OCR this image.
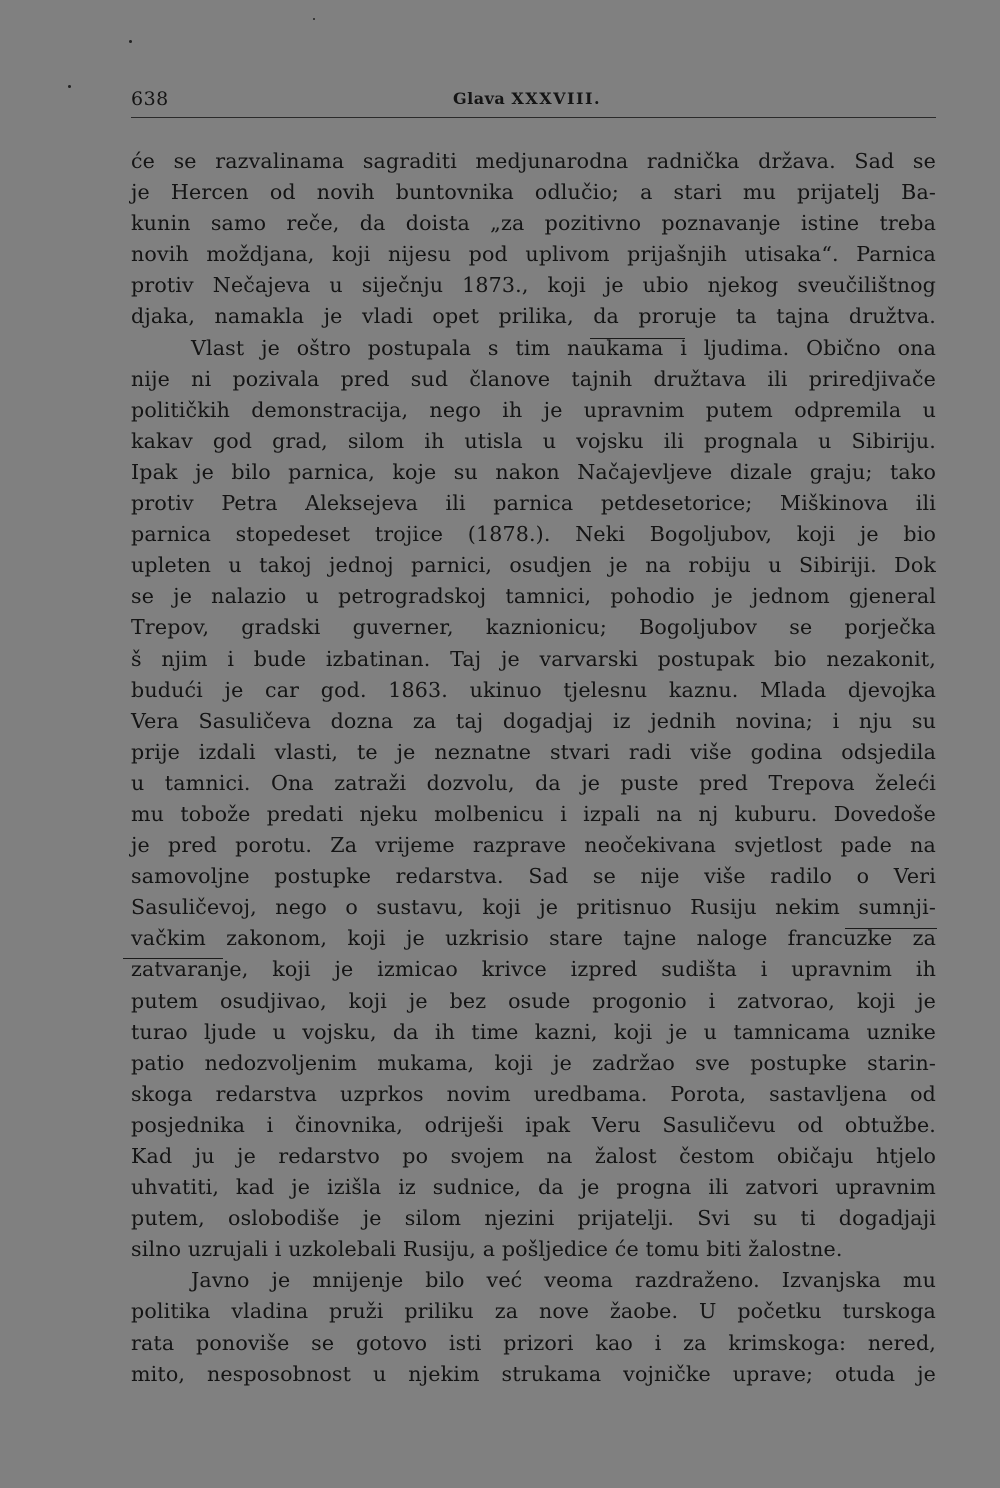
638	Glava XXXVIII.
će se razvalinama sagraditi medjunarodna radnička država. Sad se
je Hercen od novih buntovnika odlučio; a stari mu prijatelj Ba-
kunin samo reče, da doista „za pozitivno poznavanje istine treba
novih moždjana, koji nijesu pod uplivom prijašnjih utisaka“. Parnica
protiv Nečajeva u siječnju 1873., koji je ubio njekog sveučilištnog
djaka, namakla je vladi opet prilika, da proruje ta tajna družtva.
Vlast je oštro postupala s tim naukama i ljudima. Obično ona
nije ni pozivala pred sud članove tajnih družtava ili priredjivače
političkih demonstracija, nego ih je upravnim putem odpremila u
kakav god grad, silom ih utisla u vojsku ili prognala u Sibiriju.
Ipak je bilo parnica, koje su nakon Načajevljeve dizale graju; tako
protiv Petra Aleksejeva ili parnica petdesetorice; Miškinova ili
parnica stopedeset trojice (1878.). Neki Bogoljubov, koji je bio
upleten u takoj jednoj parnici, osudjen je na robiju u Sibiriji. Dok
se je nalazio u petrogradskoj tamnici, pohodio je jednom gjeneral
Trepov, gradski guverner, kaznionicu; Bogoljubov se porječka
š njim i bude izbatinan. Taj je varvarski postupak bio nezakonit,
budući je car god. 1863. ukinuo tjelesnu kaznu. Mlada djevojka
Vera Sasuličeva dozna za taj dogadjaj iz jednih novina; i nju su
prije izdali vlasti, te je neznatne stvari radi više godina odsjedila
u tamnici. Ona zatraži dozvolu, da je puste pred Trepova želeći
mu tobože predati njeku molbenicu i izpali na nj kuburu. Dovedoše
je pred porotu. Za vrijeme razprave neočekivana svjetlost pade na
samovoljne postupke redarstva. Sad se nije više radilo o Veri
Sasuličevoj, nego o sustavu, koji je pritisnuo Rusiju nekim sumnji-
vačkim zakonom, koji je uzkrisio stare tajne naloge francuzke za
zatvaranje, koji je izmicao krivce izpred sudišta i upravnim ih
putem osudjivao, koji je bez osude progonio i zatvorao, koji je
turao ljude u vojsku, da ih time kazni, koji je u tamnicama uznike
patio nedozvoljenim mukama, koji je zadržao sve postupke starin-
skoga redarstva uzprkos novim uredbama. Porota, sastavljena od
posjednika i činovnika, odriješi ipak Veru Sasuličevu od obtužbe.
Kad ju je redarstvo po svojem na žalost čestom običaju htjelo
uhvatiti, kad je izišla iz sudnice, da je progna ili zatvori upravnim
putem, oslobodiše je silom njezini prijatelji. Svi su ti dogadjaji
silno uzrujali i uzkolebali Rusiju, a pošljedice će tomu biti žalostne.
Javno je mnijenje bilo već veoma razdraženo. Izvanjska mu
politika vladina pruži priliku za nove žaobe. U početku turskoga
rata ponoviše se gotovo isti prizori kao i za krimskoga: nered,
mito, nesposobnost u njekim strukama vojničke uprave; otuda je
